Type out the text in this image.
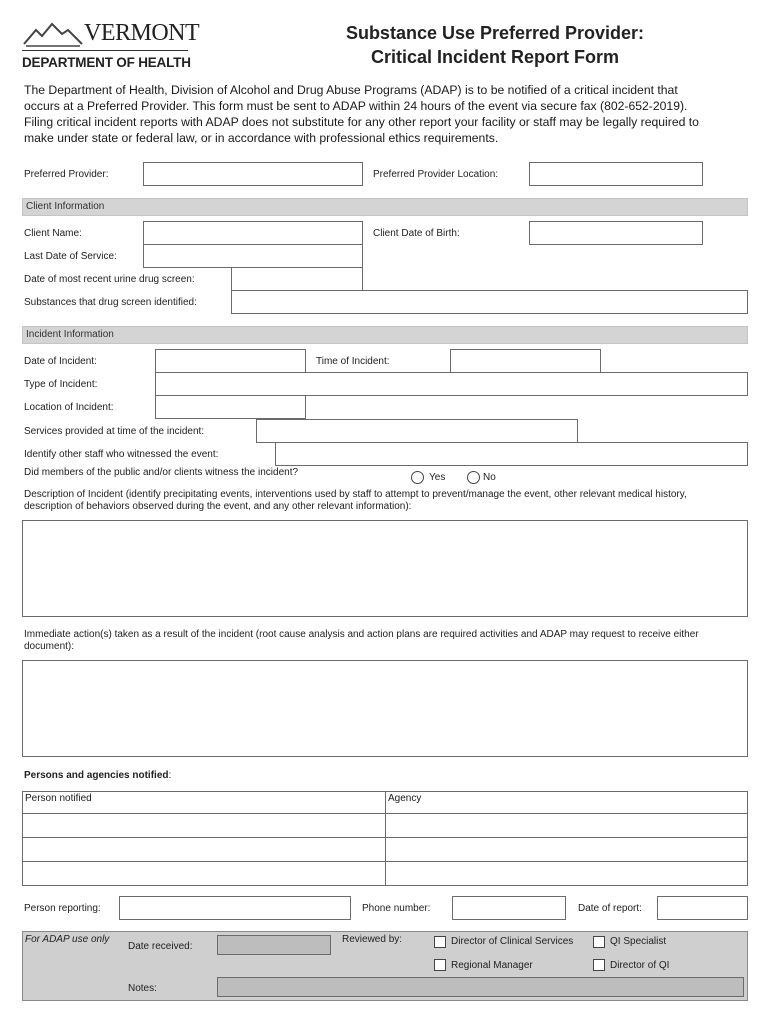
VERMONT
DEPARTMENT OF HEALTH
Substance Use Preferred Provider:
Critical Incident Report Form
The Department of Health, Division of Alcohol and Drug Abuse Programs (ADAP) is to be notified of a critical incident that
occurs at a Preferred Provider. This form must be sent to ADAP within 24 hours of the event via secure fax (802-652-2019).
Filing critical incident reports with ADAP does not substitute for any other report your facility or staff may be legally required to
make under state or federal law, or in accordance with professional ethics requirements.
Preferred Provider:	Preferred Provider Location:
Client Information
Client Name:	Client Date of Birth:
Last Date of Service:
Date of most recent urine drug screen:
Substances that drug screen identified:
Incident Information
Date of Incident:	Time of Incident:
Type of Incident:
Location of Incident:
Services provided at time of the incident:
Identify other staff who witnessed the event:
Did members of the public and/or clients witness the incident?	Yes	No
Description of Incident (identify precipitating events, interventions used by staff to attempt to prevent/manage the event, other relevant medical history,
description of behaviors observed during the event, and any other relevant information):
Immediate action(s) taken as a result of the incident (root cause analysis and action plans are required activities and ADAP may request to receive either
document):
Persons and agencies notified:
Person notified	Agency

Person reporting:	Phone number:	Date of report:
For ADAP use only
Date received:
Reviewed by:	Director of Clinical Services	QI Specialist
Regional Manager	Director of QI
Notes:
